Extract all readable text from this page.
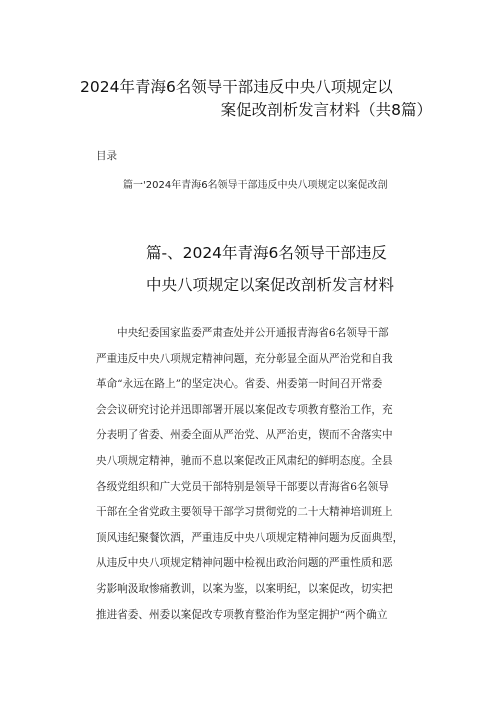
2024年青海6名领导干部违反中央八项规定以
案促改剖析发言材料（共8篇）
目录
篇一'2024年青海6名领导干部违反中央八项规定以案促改剖
篇-、2024年青海6名领导干部违反
中央八项规定以案促改剖析发言材料
中央纪委国家监委严肃查处并公开通报青海省6名领导干部
严重违反中央八项规定精神问题，充分彰显全面从严治党和自我
革命“永远在路上”的坚定决心。省委、州委第一时间召开常委
会会议研究讨论并迅即部署开展以案促改专项教育整治工作，充
分表明了省委、州委全面从严治党、从严治吏，锲而不舍落实中
央八项规定精神，驰而不息以案促改正风肃纪的鲜明态度。全县
各级党组织和广大党员干部特别是领导干部要以青海省6名领导
干部在全省党政主要领导干部学习贯彻党的二十大精神培训班上
顶风违纪聚餐饮酒，严重违反中央八项规定精神问题为反面典型，
从违反中央八项规定精神问题中检视出政治问题的严重性质和恶
劣影响汲取惨痛教训，以案为鉴，以案明纪，以案促改，切实把
推进省委、州委以案促改专项教育整治作为坚定拥护“两个确立
